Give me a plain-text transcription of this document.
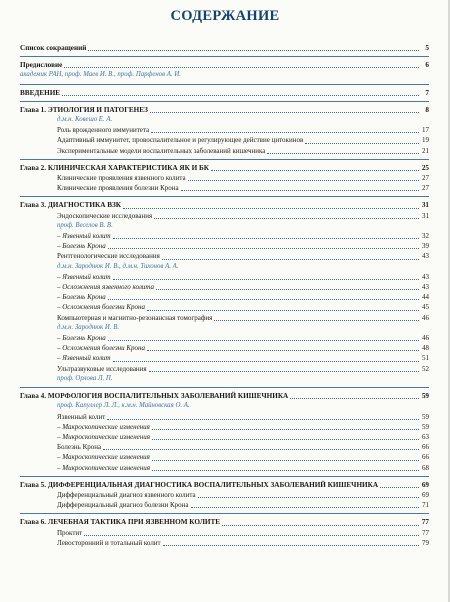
СОДЕРЖАНИЕ
Список сокращений	5
Предисловие	6
академик РАН, проф. Маев И. В., проф. Парфенов А. И.
ВВЕДЕНИЕ	7
Глава 1. ЭТИОЛОГИЯ И ПАТОГЕНЕЗ	8
д.м.н. Ковешо Е. А.
Роль врожденного иммунитета	17
Адаптивный иммунитет, провоспалительное и регулирующее действие цитокинов	19
Экспериментальные модели воспалительных заболеваний кишечника	21
Глава 2. КЛИНИЧЕСКАЯ ХАРАКТЕРИСТИКА ЯК И БК	25
Клинические проявления язвенного колита	27
Клинические проявления болезни Крона	27
Глава 3. ДИАГНОСТИКА ВЗК	31
Эндоскопические исследования	31
проф. Веселов В. В.
– Язвенный колит	32
– Болезнь Крона	39
Рентгенологические исследования	43
д.м.н. Зароднюк И. В., д.м.н. Тихонов А. А.
– Язвенный колит	43
– Осложнения язвенного колита	43
– Болезнь Крона	44
– Осложнения болезни Крона	45
Компьютерная и магнитно-резонансная томография	46
д.м.н. Зароднюк И. В.
– Болезнь Крона	46
– Осложнения болезни Крона	48
– Язвенный колит	51
Ультразвуковые исследования	52
проф. Орлова Л. П.
Глава 4. МОРФОЛОГИЯ ВОСПАЛИТЕЛЬНЫХ ЗАБОЛЕВАНИЙ КИШЕЧНИКА	59
проф. Капуллер Л. Л., к.м.н. Майновская О. А.
Язвенный колит	59
– Макроскопические изменения	59
– Микроскопические изменения	63
Болезнь Крона	66
– Макроскопические изменения	66
– Микроскопические изменения	68
Глава 5. ДИФФЕРЕНЦИАЛЬНАЯ ДИАГНОСТИКА ВОСПАЛИТЕЛЬНЫХ ЗАБОЛЕВАНИЙ КИШЕЧНИКА	69
Дифференциальный диагноз язвенного колита	69
Дифференциальный диагноз болезни Крона	71
Глава 6. ЛЕЧЕБНАЯ ТАКТИКА ПРИ ЯЗВЕННОМ КОЛИТЕ	77
Проктит	77
Левосторонний и тотальный колит	79
